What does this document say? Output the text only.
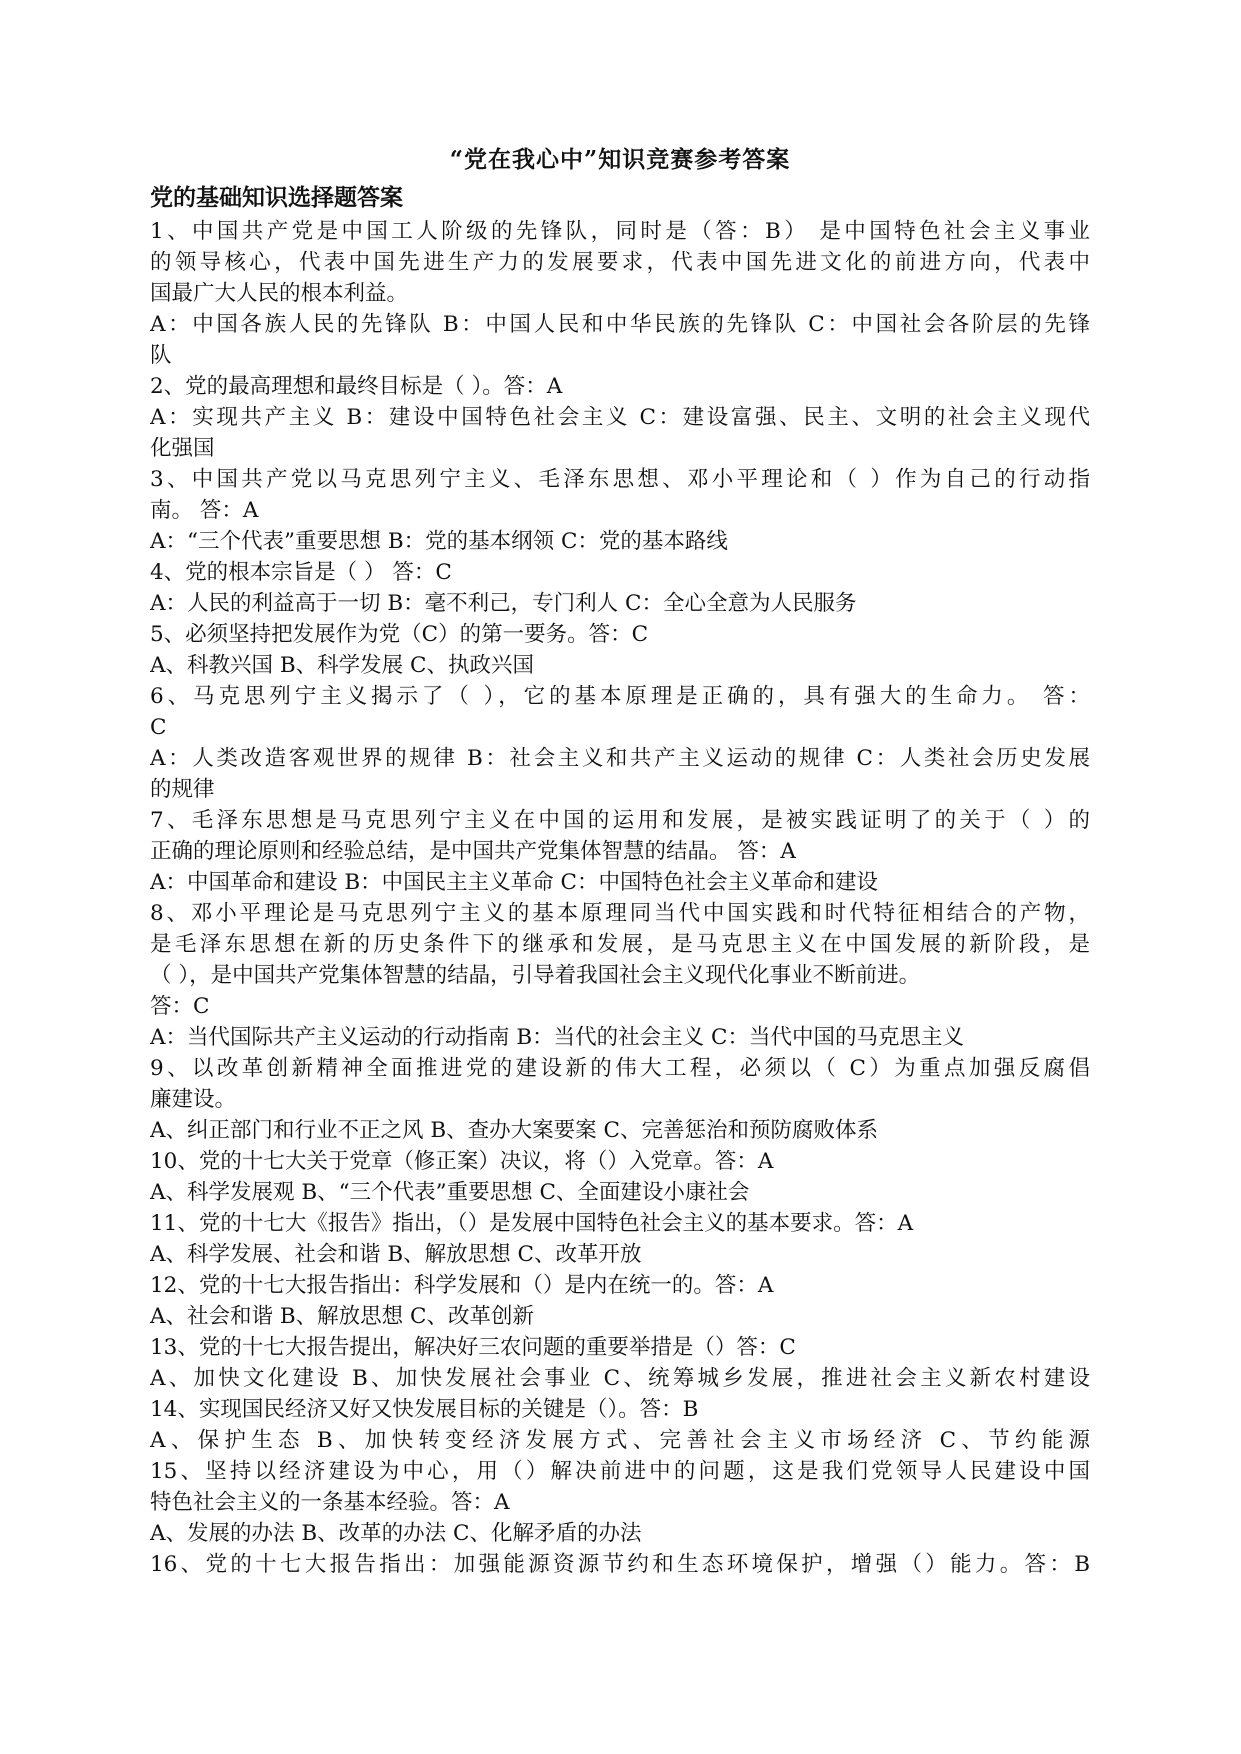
“党在我心中”知识竞赛参考答案
党的基础知识选择题答案
1、中国共产党是中国工人阶级的先锋队，同时是（答：B） 是中国特色社会主义事业
的领导核心，代表中国先进生产力的发展要求，代表中国先进文化的前进方向，代表中
国最广大人民的根本利益。
A：中国各族人民的先锋队 B：中国人民和中华民族的先锋队 C：中国社会各阶层的先锋
队
2、党的最高理想和最终目标是（ ）。答：A
A：实现共产主义 B：建设中国特色社会主义 C：建设富强、民主、文明的社会主义现代
化强国
3、中国共产党以马克思列宁主义、毛泽东思想、邓小平理论和（ ）作为自己的行动指
南。 答：A
A：“三个代表”重要思想 B：党的基本纲领 C：党的基本路线
4、党的根本宗旨是（ ） 答：C
A：人民的利益高于一切 B：毫不利己，专门利人 C：全心全意为人民服务
5、必须坚持把发展作为党（C）的第一要务。答：C
A、科教兴国 B、科学发展 C、执政兴国
6、马克思列宁主义揭示了（ ），它的基本原理是正确的，具有强大的生命力。 答：
C
A：人类改造客观世界的规律 B：社会主义和共产主义运动的规律 C：人类社会历史发展
的规律
7、毛泽东思想是马克思列宁主义在中国的运用和发展，是被实践证明了的关于（ ）的
正确的理论原则和经验总结，是中国共产党集体智慧的结晶。 答：A
A：中国革命和建设 B：中国民主主义革命 C：中国特色社会主义革命和建设
8、邓小平理论是马克思列宁主义的基本原理同当代中国实践和时代特征相结合的产物，
是毛泽东思想在新的历史条件下的继承和发展，是马克思主义在中国发展的新阶段，是
（ ），是中国共产党集体智慧的结晶，引导着我国社会主义现代化事业不断前进。
答：C
A：当代国际共产主义运动的行动指南 B：当代的社会主义 C：当代中国的马克思主义
9、以改革创新精神全面推进党的建设新的伟大工程，必须以（ C）为重点加强反腐倡
廉建设。
A、纠正部门和行业不正之风 B、查办大案要案 C、完善惩治和预防腐败体系
10、党的十七大关于党章（修正案）决议，将（）入党章。答：A
A、科学发展观 B、“三个代表”重要思想 C、全面建设小康社会
11、党的十七大《报告》指出，（）是发展中国特色社会主义的基本要求。答：A
A、科学发展、社会和谐 B、解放思想 C、改革开放
12、党的十七大报告指出：科学发展和（）是内在统一的。答：A
A、社会和谐 B、解放思想 C、改革创新
13、党的十七大报告提出，解决好三农问题的重要举措是（）答：C
A、加快文化建设 B、加快发展社会事业 C、统筹城乡发展，推进社会主义新农村建设
14、实现国民经济又好又快发展目标的关键是（）。答：B
A、保护生态 B、加快转变经济发展方式、完善社会主义市场经济 C、节约能源
15、坚持以经济建设为中心，用（）解决前进中的问题，这是我们党领导人民建设中国
特色社会主义的一条基本经验。答：A
A、发展的办法 B、改革的办法 C、化解矛盾的办法
16、党的十七大报告指出：加强能源资源节约和生态环境保护，增强（）能力。答：B
